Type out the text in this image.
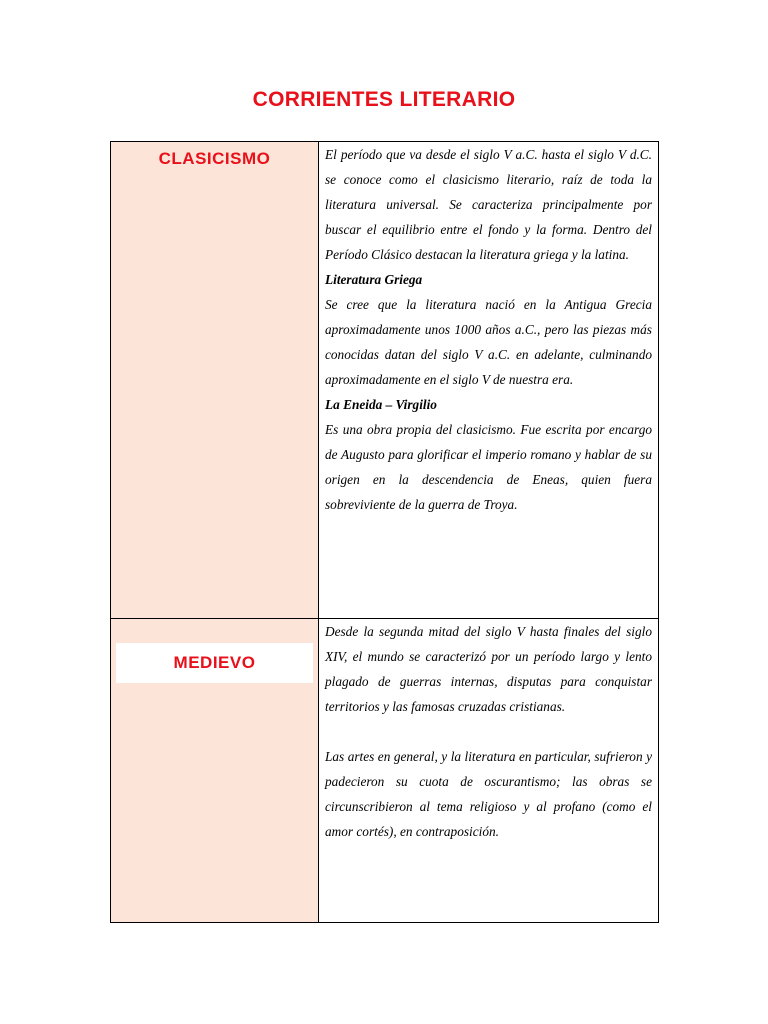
CORRIENTES LITERARIO
CLASICISMO	El período que va desde el siglo V a.C. hasta el siglo V d.C. se conoce como el clasicismo literario, raíz de toda la literatura universal. Se caracteriza principalmente por buscar el equilibrio entre el fondo y la forma. Dentro del Período Clásico destacan la literatura griega y la latina.

Literatura Griega

Se cree que la literatura nació en la Antigua Grecia aproximadamente unos 1000 años a.C., pero las piezas más conocidas datan del siglo V a.C. en adelante, culminando aproximadamente en el siglo V de nuestra era.

La Eneida – Virgilio

Es una obra propia del clasicismo. Fue escrita por encargo de Augusto para glorificar el imperio romano y hablar de su origen en la descendencia de Eneas, quien fuera sobreviviente de la guerra de Troya.

MEDIEVO	Desde la segunda mitad del siglo V hasta finales del siglo XIV, el mundo se caracterizó por un período largo y lento plagado de guerras internas, disputas para conquistar territorios y las famosas cruzadas cristianas.

Las artes en general, y la literatura en particular, sufrieron y padecieron su cuota de oscurantismo; las obras se circunscribieron al tema religioso y al profano (como el amor cortés), en contraposición.
